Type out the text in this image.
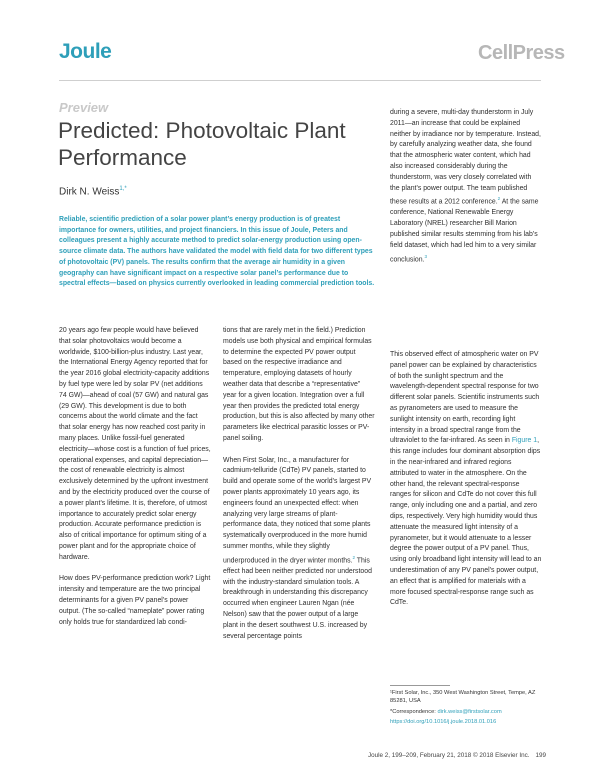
Joule	CellPress
Preview
Predicted: Photovoltaic Plant Performance
Dirk N. Weiss$^{1,*}$
Reliable, scientific prediction of a solar power plant’s energy production is of greatest importance for owners, utilities, and project financiers. In this issue of Joule, Peters and colleagues present a highly accurate method to predict solar-energy production using open-source climate data. The authors have validated the model with field data for two different types of photovoltaic (PV) panels. The results confirm that the average air humidity in a given geography can have significant impact on a respective solar panel’s performance due to spectral effects—based on physics currently overlooked in leading commercial prediction tools.

20 years ago few people would have believed that solar photovoltaics would become a worldwide, $100-billion-plus industry. Last year, the International Energy Agency reported that for the year 2016 global electricity-capacity additions by fuel type were led by solar PV (net additions 74 GW)—ahead of coal (57 GW) and natural gas (29 GW). This development is due to both concerns about the world climate and the fact that solar energy has now reached cost parity in many places. Unlike fossil-fuel generated electricity—whose cost is a function of fuel prices, operational expenses, and capital depreciation—the cost of renewable electricity is almost exclusively determined by the upfront investment and by the electricity produced over the course of a power plant’s lifetime. It is, therefore, of utmost importance to accurately predict solar energy production. Accurate performance prediction is also of critical importance for optimum siting of a power plant and for the appropriate choice of hardware.

How does PV-performance prediction work? Light intensity and temperature are the two principal determinants for a given PV panel’s power output. (The so-called “nameplate” power rating only holds true for standardized lab condi-

tions that are rarely met in the field.) Prediction models use both physical and empirical formulas to determine the expected PV power output based on the respective irradiance and temperature, employing datasets of hourly weather data that describe a “representative” year for a given location. Integration over a full year then provides the predicted total energy production, but this is also affected by many other parameters like electrical parasitic losses or PV-panel soiling.

When First Solar, Inc., a manufacturer for cadmium-telluride (CdTe) PV panels, started to build and operate some of the world’s largest PV power plants approximately 10 years ago, its engineers found an unexpected effect: when analyzing very large streams of plant-performance data, they noticed that some plants systematically overproduced in the more humid summer months, while they slightly underproduced in the dryer winter months.$^2$ This effect had been neither predicted nor understood with the industry-standard simulation tools. A breakthrough in understanding this discrepancy occurred when engineer Lauren Ngan (née Nelson) saw that the power output of a large plant in the desert southwest U.S. increased by several percentage points

during a severe, multi-day thunderstorm in July 2011—an increase that could be explained neither by irradiance nor by temperature. Instead, by carefully analyzing weather data, she found that the atmospheric water content, which had also increased considerably during the thunderstorm, was very closely correlated with the plant’s power output. The team published these results at a 2012 conference.$^2$ At the same conference, National Renewable Energy Laboratory (NREL) researcher Bill Marion published similar results stemming from his lab’s field dataset, which had led him to a very similar conclusion.$^3$

This observed effect of atmospheric water on PV panel power can be explained by characteristics of both the sunlight spectrum and the wavelength-dependent spectral response for two different solar panels. Scientific instruments such as pyranometers are used to measure the sunlight intensity on earth, recording light intensity in a broad spectral range from the ultraviolet to the far-infrared. As seen in Figure 1, this range includes four dominant absorption dips in the near-infrared and infrared regions attributed to water in the atmosphere. On the other hand, the relevant spectral-response ranges for silicon and CdTe do not cover this full range, only including one and a partial, and zero dips, respectively. Very high humidity would thus attenuate the measured light intensity of a pyranometer, but it would attenuate to a lesser degree the power output of a PV panel. Thus, using only broadband light intensity will lead to an underestimation of any PV panel’s power output, an effect that is amplified for materials with a more focused spectral-response range such as CdTe.

¹First Solar, Inc., 350 West Washington Street, Tempe, AZ 85281, USA
*Correspondence: dirk.weiss@firstsolar.com
https://doi.org/10.1016/j.joule.2018.01.016
Joule 2, 199–209, February 21, 2018 © 2018 Elsevier Inc. 199
